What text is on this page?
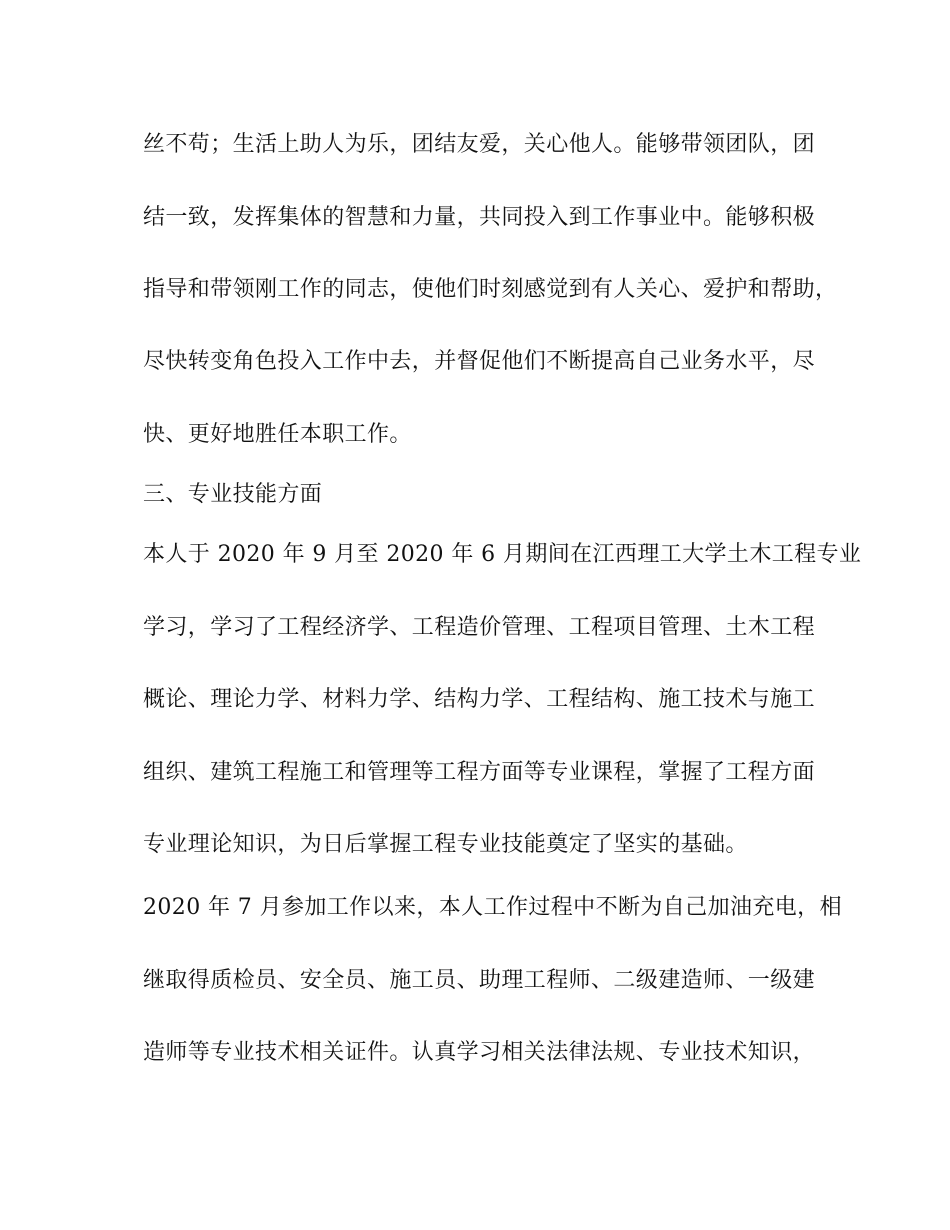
丝不苟；生活上助人为乐，团结友爱，关心他人。能够带领团队，团
结一致，发挥集体的智慧和力量，共同投入到工作事业中。能够积极
指导和带领刚工作的同志，使他们时刻感觉到有人关心、爱护和帮助，
尽快转变角色投入工作中去，并督促他们不断提高自己业务水平，尽
快、更好地胜任本职工作。
三、专业技能方面
本人于 2020 年 9 月至 2020 年 6 月期间在江西理工大学土木工程专业
学习，学习了工程经济学、工程造价管理、工程项目管理、土木工程
概论、理论力学、材料力学、结构力学、工程结构、施工技术与施工
组织、建筑工程施工和管理等工程方面等专业课程，掌握了工程方面
专业理论知识，为日后掌握工程专业技能奠定了坚实的基础。
2020 年 7 月参加工作以来，本人工作过程中不断为自己加油充电，相
继取得质检员、安全员、施工员、助理工程师、二级建造师、一级建
造师等专业技术相关证件。认真学习相关法律法规、专业技术知识，
